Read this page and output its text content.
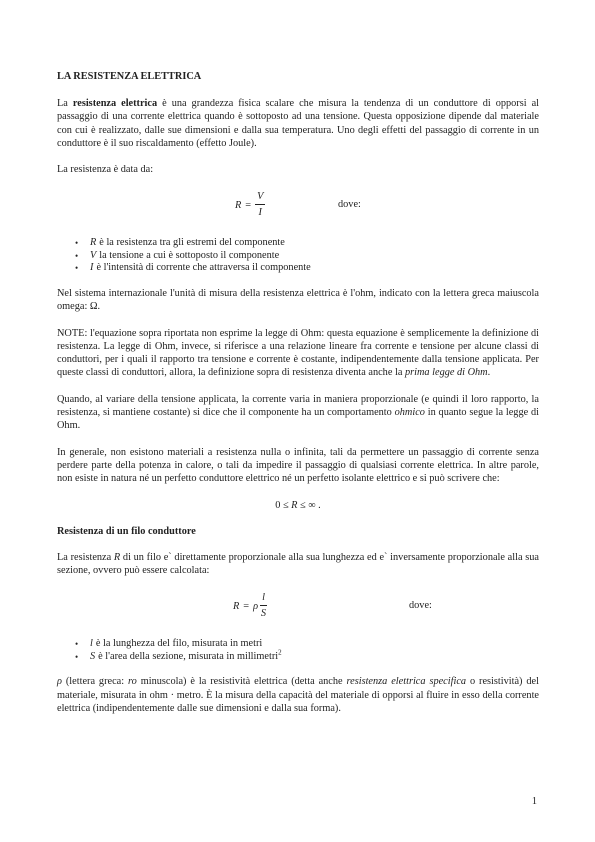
LA RESISTENZA ELETTRICA

La resistenza elettrica è una grandezza fisica scalare che misura la tendenza di un conduttore di opporsi al passaggio di una corrente elettrica quando è sottoposto ad una tensione. Questa opposizione dipende dal materiale con cui è realizzato, dalle sue dimensioni e dalla sua temperatura. Uno degli effetti del passaggio di corrente in un conduttore è il suo riscaldamento (effetto Joule).

La resistenza è data da:

$R = \frac{V}{I}$	dove:
• R è la resistenza tra gli estremi del componente
• V la tensione a cui è sottoposto il componente
• I è l'intensità di corrente che attraversa il componente

Nel sistema internazionale l'unità di misura della resistenza elettrica è l'ohm, indicato con la lettera greca maiuscola omega: Ω.

NOTE: l'equazione sopra riportata non esprime la legge di Ohm: questa equazione è semplicemente la definizione di resistenza. La legge di Ohm, invece, si riferisce a una relazione lineare fra corrente e tensione per alcune classi di conduttori, per i quali il rapporto tra tensione e corrente è costante, indipendentemente dalla tensione applicata. Per queste classi di conduttori, allora, la definizione sopra di resistenza diventa anche la prima legge di Ohm.

Quando, al variare della tensione applicata, la corrente varia in maniera proporzionale (e quindi il loro rapporto, la resistenza, si mantiene costante) si dice che il componente ha un comportamento ohmico in quanto segue la legge di Ohm.

In generale, non esistono materiali a resistenza nulla o infinita, tali da permettere un passaggio di corrente senza perdere parte della potenza in calore, o tali da impedire il passaggio di qualsiasi corrente elettrica. In altre parole, non esiste in natura né un perfetto conduttore elettrico né un perfetto isolante elettrico e si può scrivere che:

0 ≤ R ≤ ∞ .
Resistenza di un filo conduttore

La resistenza R di un filo e` direttamente proporzionale alla sua lunghezza ed e` inversamente proporzionale alla sua sezione, ovvero può essere calcolata:

R = ρ $\frac{l}{S}$	dove:
• l è la lunghezza del filo, misurata in metri
• S è l'area della sezione, misurata in millimetri$^2$

ρ (lettera greca: ro minuscola) è la resistività elettrica (detta anche resistenza elettrica specifica o resistività) del materiale, misurata in ohm · metro. È la misura della capacità del materiale di opporsi al fluire in esso della corrente elettrica (indipendentemente dalle sue dimensioni e dalla sua forma).

1
